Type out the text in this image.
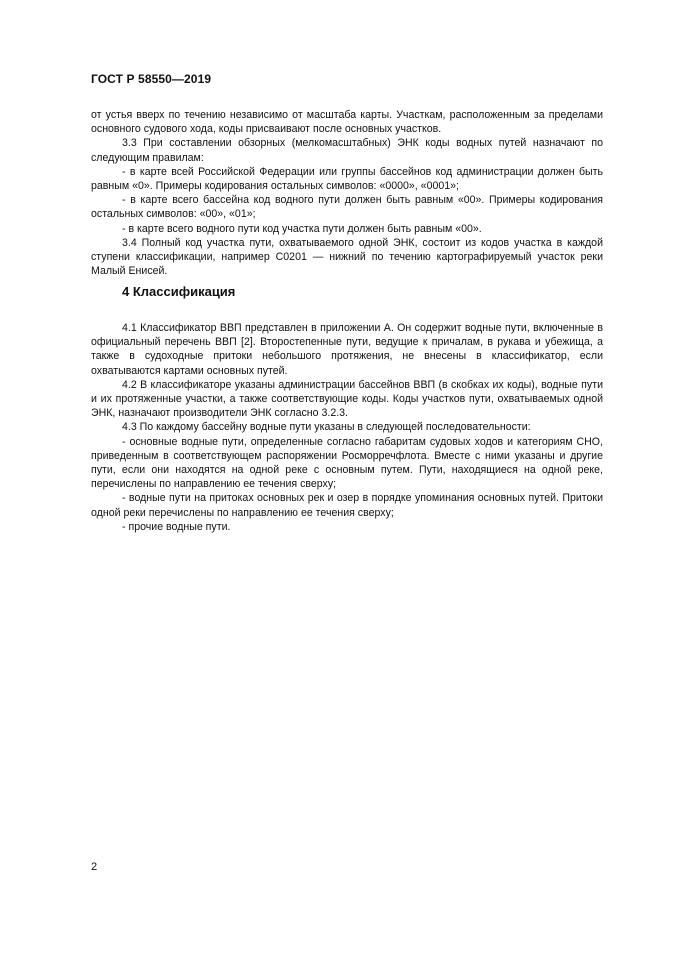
ГОСТ Р 58550—2019

от устья вверх по течению независимо от масштаба карты. Участкам, расположенным за пределами основного судового хода, коды присваивают после основных участков.

3.3 При составлении обзорных (мелкомасштабных) ЭНК коды водных путей назначают по следующим правилам:

- в карте всей Российской Федерации или группы бассейнов код администрации должен быть равным «0». Примеры кодирования остальных символов: «0000», «0001»;

- в карте всего бассейна код водного пути должен быть равным «00». Примеры кодирования остальных символов: «00», «01»;

- в карте всего водного пути код участка пути должен быть равным «00».

3.4 Полный код участка пути, охватываемого одной ЭНК, состоит из кодов участка в каждой ступени классификации, например С0201 — нижний по течению картографируемый участок реки Малый Енисей.

4 Классификация

4.1 Классификатор ВВП представлен в приложении А. Он содержит водные пути, включенные в официальный перечень ВВП [2]. Второстепенные пути, ведущие к причалам, в рукава и убежища, а также в судоходные притоки небольшого протяжения, не внесены в классификатор, если охватываются картами основных путей.

4.2 В классификаторе указаны администрации бассейнов ВВП (в скобках их коды), водные пути и их протяженные участки, а также соответствующие коды. Коды участков пути, охватываемых одной ЭНК, назначают производители ЭНК согласно 3.2.3.

4.3 По каждому бассейну водные пути указаны в следующей последовательности:

- основные водные пути, определенные согласно габаритам судовых ходов и категориям СНО, приведенным в соответствующем распоряжении Росморречфлота. Вместе с ними указаны и другие пути, если они находятся на одной реке с основным путем. Пути, находящиеся на одной реке, перечислены по направлению ее течения сверху;

- водные пути на притоках основных рек и озер в порядке упоминания основных путей. Притоки одной реки перечислены по направлению ее течения сверху;

- прочие водные пути.

2
